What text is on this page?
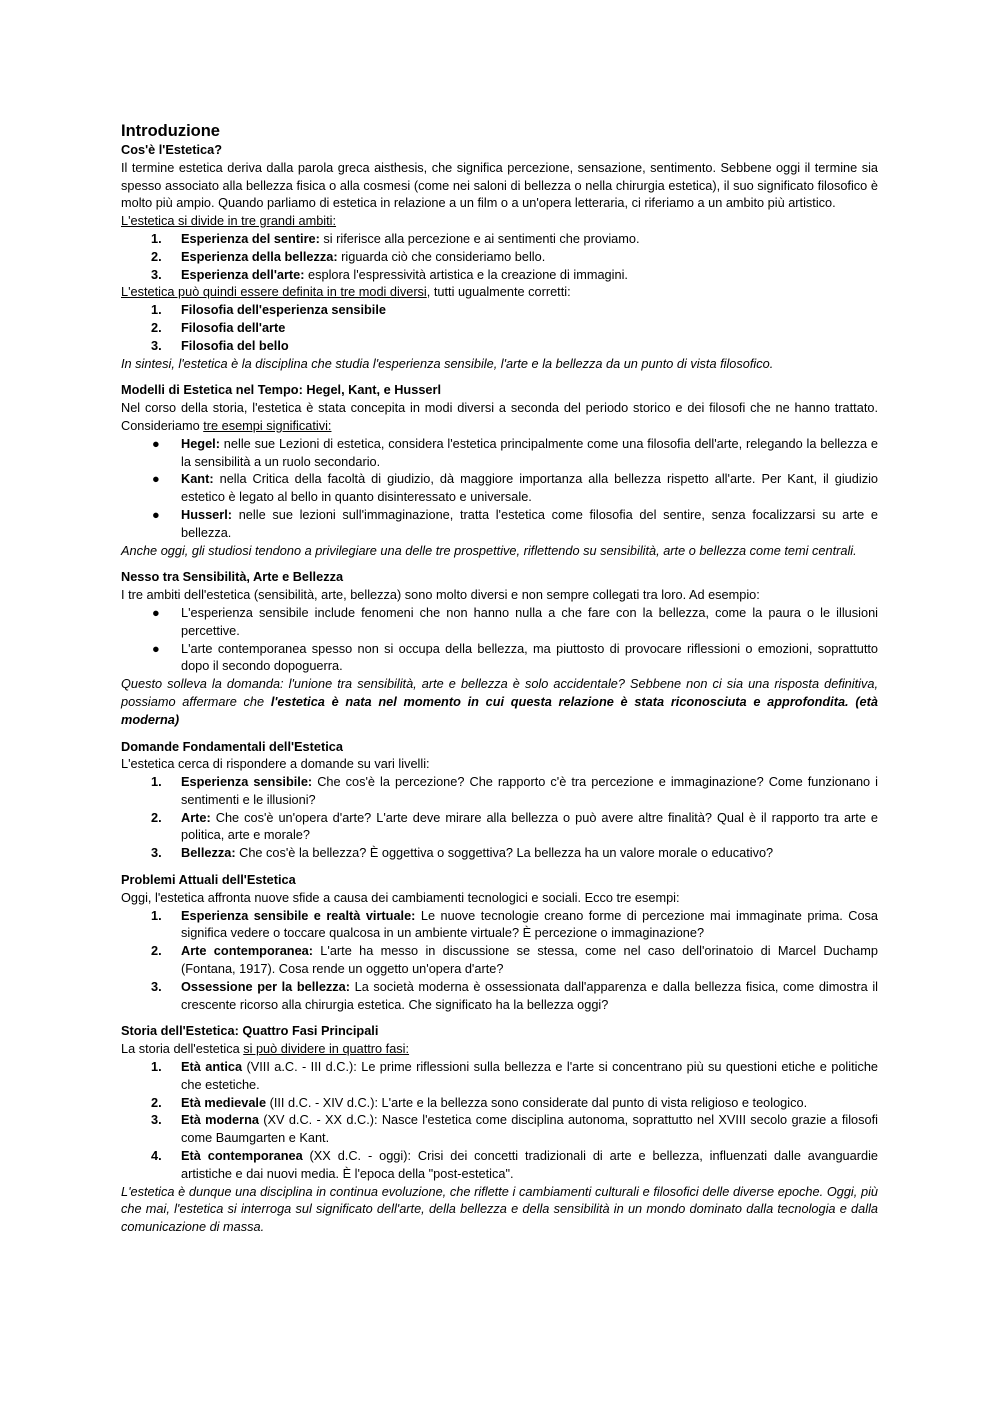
Introduzione
Cos'è l'Estetica?

Il termine estetica deriva dalla parola greca aisthesis, che significa percezione, sensazione, sentimento. Sebbene oggi il termine sia spesso associato alla bellezza fisica o alla cosmesi (come nei saloni di bellezza o nella chirurgia estetica), il suo significato filosofico è molto più ampio. Quando parliamo di estetica in relazione a un film o a un'opera letteraria, ci riferiamo a un ambito più artistico.

L'estetica si divide in tre grandi ambiti:

1. Esperienza del sentire: si riferisce alla percezione e ai sentimenti che proviamo.
2. Esperienza della bellezza: riguarda ciò che consideriamo bello.
3. Esperienza dell'arte: esplora l'espressività artistica e la creazione di immagini.

L'estetica può quindi essere definita in tre modi diversi, tutti ugualmente corretti:

1. Filosofia dell'esperienza sensibile
2. Filosofia dell'arte
3. Filosofia del bello

In sintesi, l'estetica è la disciplina che studia l'esperienza sensibile, l'arte e la bellezza da un punto di vista filosofico.

Modelli di Estetica nel Tempo: Hegel, Kant, e Husserl

Nel corso della storia, l'estetica è stata concepita in modi diversi a seconda del periodo storico e dei filosofi che ne hanno trattato. Consideriamo tre esempi significativi:

● Hegel: nelle sue Lezioni di estetica, considera l'estetica principalmente come una filosofia dell'arte, relegando la bellezza e la sensibilità a un ruolo secondario.
● Kant: nella Critica della facoltà di giudizio, dà maggiore importanza alla bellezza rispetto all'arte. Per Kant, il giudizio estetico è legato al bello in quanto disinteressato e universale.
● Husserl: nelle sue lezioni sull'immaginazione, tratta l'estetica come filosofia del sentire, senza focalizzarsi su arte e bellezza.

Anche oggi, gli studiosi tendono a privilegiare una delle tre prospettive, riflettendo su sensibilità, arte o bellezza come temi centrali.

Nesso tra Sensibilità, Arte e Bellezza

I tre ambiti dell'estetica (sensibilità, arte, bellezza) sono molto diversi e non sempre collegati tra loro. Ad esempio:

● L'esperienza sensibile include fenomeni che non hanno nulla a che fare con la bellezza, come la paura o le illusioni percettive.
● L'arte contemporanea spesso non si occupa della bellezza, ma piuttosto di provocare riflessioni o emozioni, soprattutto dopo il secondo dopoguerra.

Questo solleva la domanda: l'unione tra sensibilità, arte e bellezza è solo accidentale? Sebbene non ci sia una risposta definitiva, possiamo affermare che l'estetica è nata nel momento in cui questa relazione è stata riconosciuta e approfondita. (età moderna)

Domande Fondamentali dell'Estetica

L'estetica cerca di rispondere a domande su vari livelli:

1. Esperienza sensibile: Che cos'è la percezione? Che rapporto c'è tra percezione e immaginazione? Come funzionano i sentimenti e le illusioni?
2. Arte: Che cos'è un'opera d'arte? L'arte deve mirare alla bellezza o può avere altre finalità? Qual è il rapporto tra arte e politica, arte e morale?
3. Bellezza: Che cos'è la bellezza? È oggettiva o soggettiva? La bellezza ha un valore morale o educativo?
Problemi Attuali dell'Estetica

Oggi, l'estetica affronta nuove sfide a causa dei cambiamenti tecnologici e sociali. Ecco tre esempi:

1. Esperienza sensibile e realtà virtuale: Le nuove tecnologie creano forme di percezione mai immaginate prima. Cosa significa vedere o toccare qualcosa in un ambiente virtuale? È percezione o immaginazione?
2. Arte contemporanea: L'arte ha messo in discussione se stessa, come nel caso dell'orinatoio di Marcel Duchamp (Fontana, 1917). Cosa rende un oggetto un'opera d'arte?
3. Ossessione per la bellezza: La società moderna è ossessionata dall'apparenza e dalla bellezza fisica, come dimostra il crescente ricorso alla chirurgia estetica. Che significato ha la bellezza oggi?
Storia dell'Estetica: Quattro Fasi Principali

La storia dell'estetica si può dividere in quattro fasi:

1. Età antica (VIII a.C. - III d.C.): Le prime riflessioni sulla bellezza e l'arte si concentrano più su questioni etiche e politiche che estetiche.
2. Età medievale (III d.C. - XIV d.C.): L'arte e la bellezza sono considerate dal punto di vista religioso e teologico.
3. Età moderna (XV d.C. - XX d.C.): Nasce l'estetica come disciplina autonoma, soprattutto nel XVIII secolo grazie a filosofi come Baumgarten e Kant.
4. Età contemporanea (XX d.C. - oggi): Crisi dei concetti tradizionali di arte e bellezza, influenzati dalle avanguardie artistiche e dai nuovi media. È l'epoca della "post-estetica".

L'estetica è dunque una disciplina in continua evoluzione, che riflette i cambiamenti culturali e filosofici delle diverse epoche. Oggi, più che mai, l'estetica si interroga sul significato dell'arte, della bellezza e della sensibilità in un mondo dominato dalla tecnologia e dalla comunicazione di massa.
